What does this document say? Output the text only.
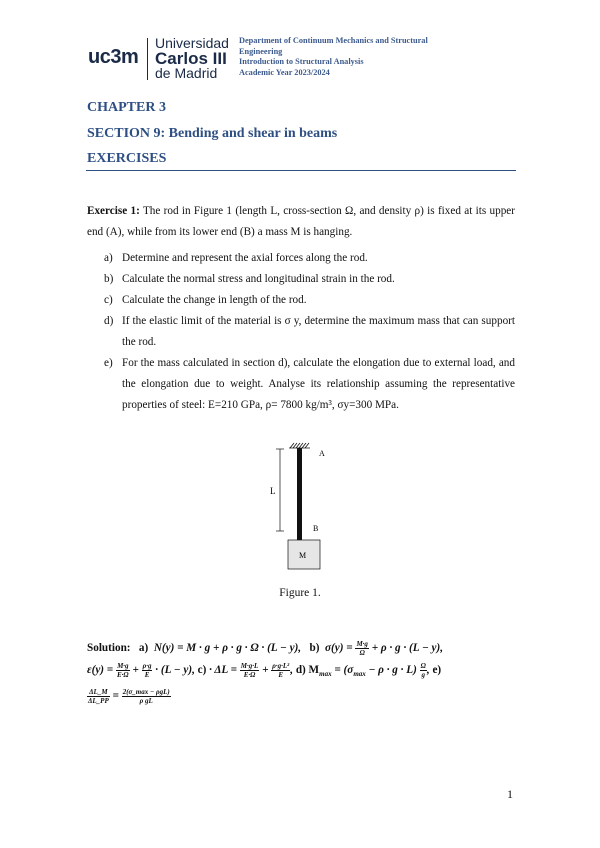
uc3m
Universidad
Carlos III
de Madrid
Department of Continuum Mechanics and Structural
Engineering
Introduction to Structural Analysis
Academic Year 2023/2024
CHAPTER 3
SECTION 9: Bending and shear in beams
EXERCISES
Exercise 1: The rod in Figure 1 (length L, cross-section Ω, and density ρ) is fixed at its upper end (A), while from its lower end (B) a mass M is hanging.
a) Determine and represent the axial forces along the rod.
b) Calculate the normal stress and longitudinal strain in the rod.
c) Calculate the change in length of the rod.
d) If the elastic limit of the material is σ y, determine the maximum mass that can support the rod.
e) For the mass calculated in section d), calculate the elongation due to external load, and the elongation due to weight. Analyse its relationship assuming the representative properties of steel: E=210 GPa, ρ= 7800 kg/m³, σy=300 MPa.
L
A
B
M
Figure 1.
Solution: a) N(y) = M · g + ρ · g · Ω · (L − y), b) $\sigma(y) = \frac{M\cdot g}{\Omega} + \rho \cdot g \cdot (L - y)$,
$\varepsilon(y) = \frac{M\cdot g}{E\cdot\Omega} + \frac{\rho\cdot g}{E} \cdot (L - y)$, $c) \cdot \Delta L = \frac{M\cdot g\cdot L}{E\cdot\Omega} + \frac{\text{ρ·g·L²}}{E}$ , d) $M_{max} = (\sigma_{max} - \rho \cdot g \cdot L) \frac{\Omega}{g}$ , e)
$\frac{\Delta L\_M}{\Delta L\_PP} = \frac{\text{2(σ\_max − ρgL)}}{\text{ρ gL}}$
1
